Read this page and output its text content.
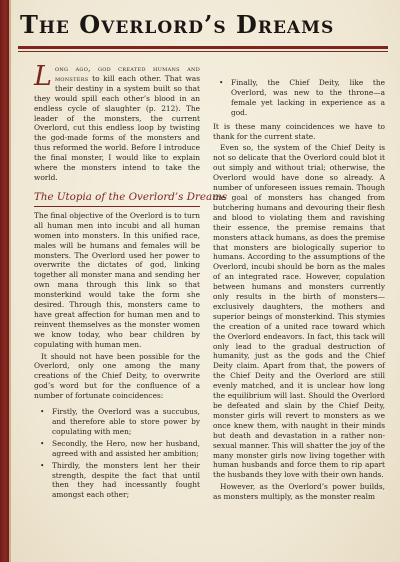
The Overlord’s Dreams

Long ago, god created humans and monsters to kill each other. That was their destiny in a system built so that they would spill each other’s blood in an endless cycle of slaughter (p. 212). The leader of the monsters, the current Overlord, cut this endless loop by twisting the god-made forms of the monsters and thus reformed the world. Before I introduce the final monster, I would like to explain where the monsters intend to take the world.

The Utopia of the Overlord’s Dreams

The final objective of the Overlord is to turn all human men into incubi and all human women into monsters. In this unified race, males will be humans and females will be monsters. The Overlord used her power to overwrite the dictates of god, linking together all monster mana and sending her own mana through this link so that monsterkind would take the form she desired. Through this, monsters came to have great affection for human men and to reinvent themselves as the monster women we know today, who bear children by copulating with human men.

It should not have been possible for the Overlord, only one among the many creations of the Chief Deity, to overwrite god’s word but for the confluence of a number of fortunate coincidences:

• Firstly, the Overlord was a succubus, and therefore able to store power by copulating with men;
• Secondly, the Hero, now her husband, agreed with and assisted her ambition;
• Thirdly, the monsters lent her their strength, despite the fact that until then they had incessantly fought amongst each other;
• Finally, the Chief Deity, like the Overlord, was new to the throne—a female yet lacking in experience as a god.

It is these many coincidences we have to thank for the current state.

Even so, the system of the Chief Deity is not so delicate that the Overlord could blot it out simply and without trial; otherwise, the Overlord would have done so already. A number of unforeseen issues remain. Though the goal of monsters has changed from butchering humans and devouring their flesh and blood to violating them and ravishing their essence, the premise remains that monsters attack humans, as does the premise that monsters are biologically superior to humans. According to the assumptions of the Overlord, incubi should be born as the males of an integrated race. However, copulation between humans and monsters currently only results in the birth of monsters—exclusively daughters, the mothers and superior beings of monsterkind. This stymies the creation of a united race toward which the Overlord endeavors. In fact, this tack will only lead to the gradual destruction of humanity, just as the gods and the Chief Deity claim. Apart from that, the powers of the Chief Deity and the Overlord are still evenly matched, and it is unclear how long the equilibrium will last. Should the Overlord be defeated and slain by the Chief Deity, monster girls will revert to monsters as we once knew them, with naught in their minds but death and devastation in a rather non-sexual manner. This will shatter the joy of the many monster girls now living together with human husbands and force them to rip apart the husbands they love with their own hands.

However, as the Overlord’s power builds, as monsters multiply, as the monster realm
